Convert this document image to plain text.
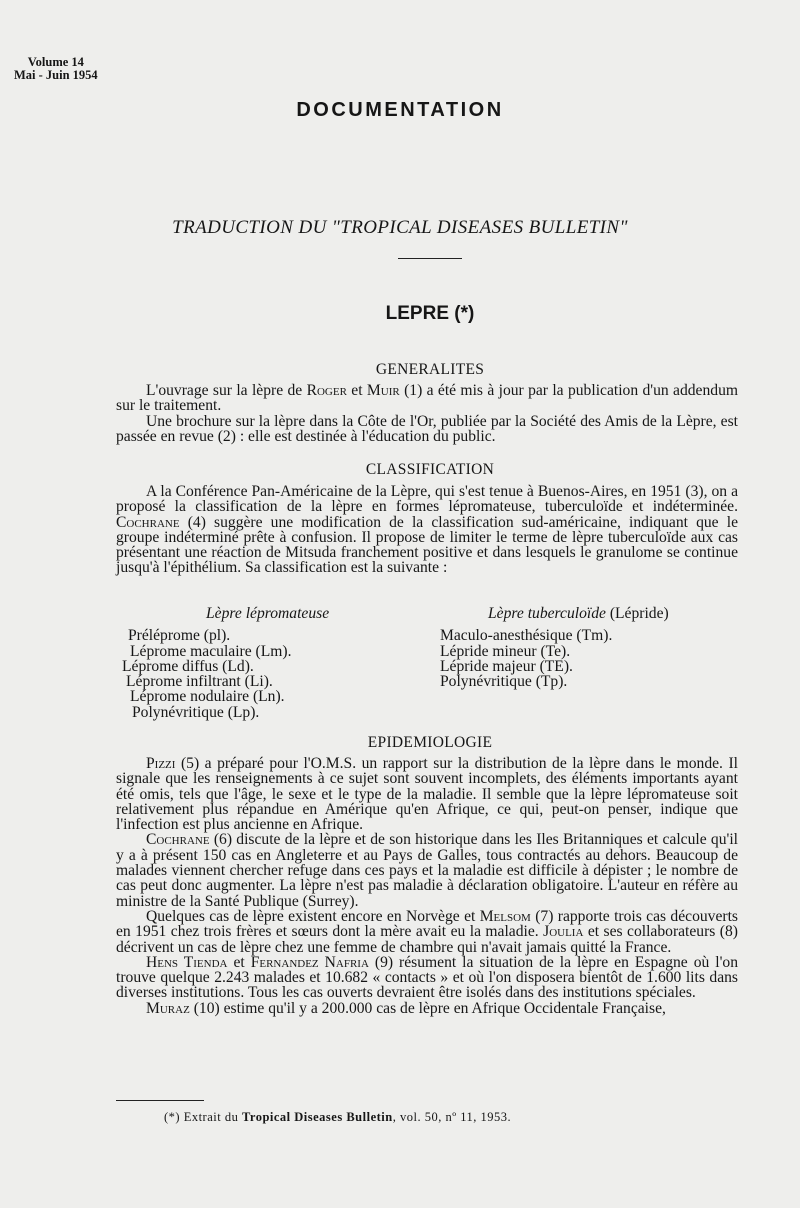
Volume 14
Mai - Juin 1954
DOCUMENTATION
TRADUCTION DU "TROPICAL DISEASES BULLETIN"
LEPRE (*)
GENERALITES

L'ouvrage sur la lèpre de Roger et Muir (1) a été mis à jour par la publication d'un addendum sur le traitement.

Une brochure sur la lèpre dans la Côte de l'Or, publiée par la Société des Amis de la Lèpre, est passée en revue (2) : elle est destinée à l'éducation du public.

CLASSIFICATION

A la Conférence Pan-Américaine de la Lèpre, qui s'est tenue à Buenos-Aires, en 1951 (3), on a proposé la classification de la lèpre en formes lépromateuse, tuberculoïde et indéterminée. Cochrane (4) suggère une modification de la classification sud-américaine, indiquant que le groupe indéterminé prête à confusion. Il propose de limiter le terme de lèpre tuberculoïde aux cas présentant une réaction de Mitsuda franchement positive et dans lesquels le granulome se continue jusqu'à l'épithélium. Sa classification est la suivante :

Lèpre lépromateuse
Prélépromе (pl).
Léprome maculaire (Lm).
Léprome diffus (Ld).
Léprome infiltrant (Li).
Léprome nodulaire (Ln).
Polynévritique (Lp).
Lèpre tuberculoïde (Lépride)
Maculo-anesthésique (Tm).
Lépride mineur (Te).
Lépride majeur (TE).
Polynévritique (Tp).
EPIDEMIOLOGIE

Pizzi (5) a préparé pour l'O.M.S. un rapport sur la distribution de la lèpre dans le monde. Il signale que les renseignements à ce sujet sont souvent incomplets, des éléments importants ayant été omis, tels que l'âge, le sexe et le type de la maladie. Il semble que la lèpre lépromateuse soit relativement plus répandue en Amérique qu'en Afrique, ce qui, peut-on penser, indique que l'infection est plus ancienne en Afrique.

Cochrane (6) discute de la lèpre et de son historique dans les Iles Britanniques et calcule qu'il y a à présent 150 cas en Angleterre et au Pays de Galles, tous contractés au dehors. Beaucoup de malades viennent chercher refuge dans ces pays et la maladie est difficile à dépister ; le nombre de cas peut donc augmenter. La lèpre n'est pas maladie à déclaration obligatoire. L'auteur en réfère au ministre de la Santé Publique (Surrey).

Quelques cas de lèpre existent encore en Norvège et Melsom (7) rapporte trois cas découverts en 1951 chez trois frères et sœurs dont la mère avait eu la maladie. Joulia et ses collaborateurs (8) décrivent un cas de lèpre chez une femme de chambre qui n'avait jamais quitté la France.

Hens Tienda et Fernandez Nafria (9) résument la situation de la lèpre en Espagne où l'on trouve quelque 2.243 malades et 10.682 « contacts » et où l'on disposera bientôt de 1.600 lits dans diverses institutions. Tous les cas ouverts devraient être isolés dans des institutions spéciales.

Muraz (10) estime qu'il y a 200.000 cas de lèpre en Afrique Occidentale Française,

(*) Extrait du Tropical Diseases Bulletin, vol. 50, nº 11, 1953.
